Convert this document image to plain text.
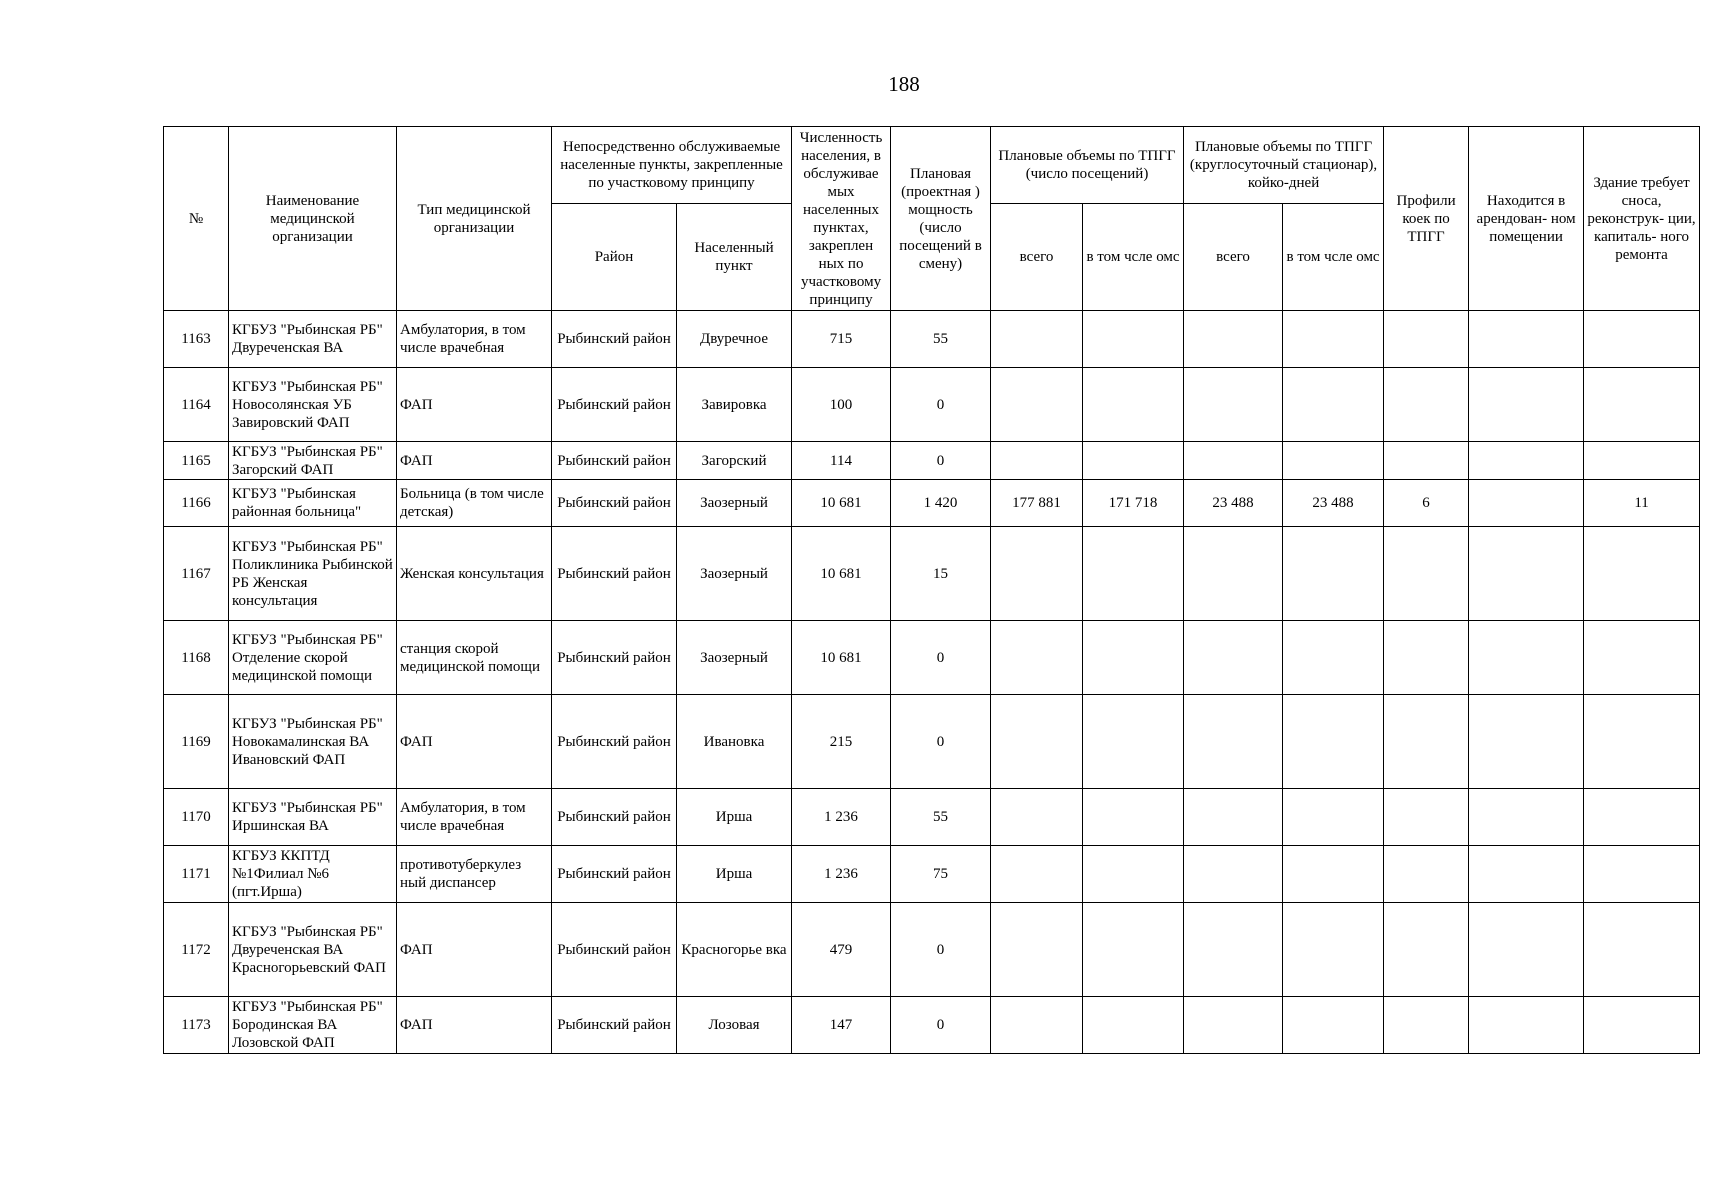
188
№	Наименование медицинской организации	Тип медицинской организации	Непосредственно обслуживаемые населенные пункты, закрепленные по участковому принципу		Численность населения, в обслуживае мых населенных пунктах, закреплен ных по участковому принципу	Плановая (проектная ) мощность (число посещений в смену)	Плановые объемы по ТПГГ (число посещений)		Плановые объемы по ТПГГ (круглосуточный стационар), койко-дней		Профили коек по ТПГГ	Находится в арендован- ном помещении	Здание требует сноса, реконструк- ции, капиталь- ного ремонта
			Район	Населенный пункт			всего	в том чсле омс	всего	в том чсле омс			
1163	КГБУЗ "Рыбинская РБ" Двуреченская ВА	Амбулатория, в том числе врачебная	Рыбинский район	Двуречное	715	55							
1164	КГБУЗ "Рыбинская РБ" Новосолянская УБ Завировский ФАП	ФАП	Рыбинский район	Завировка	100	0							
1165	КГБУЗ "Рыбинская РБ" Загорский ФАП	ФАП	Рыбинский район	Загорский	114	0							
1166	КГБУЗ "Рыбинская районная больница"	Больница (в том числе детская)	Рыбинский район	Заозерный	10 681	1 420	177 881	171 718	23 488	23 488	6		11
1167	КГБУЗ "Рыбинская РБ" Поликлиника Рыбинской РБ Женская консультация	Женская консультация	Рыбинский район	Заозерный	10 681	15							
1168	КГБУЗ "Рыбинская РБ" Отделение скорой медицинской помощи	станция скорой медицинской помощи	Рыбинский район	Заозерный	10 681	0							
1169	КГБУЗ "Рыбинская РБ" Новокамалинская ВА Ивановский ФАП	ФАП	Рыбинский район	Ивановка	215	0							
1170	КГБУЗ "Рыбинская РБ" Иршинская ВА	Амбулатория, в том числе врачебная	Рыбинский район	Ирша	1 236	55							
1171	КГБУЗ ККПТД №1Филиал №6 (пгт.Ирша)	противотуберкулез ный диспансер	Рыбинский район	Ирша	1 236	75							
1172	КГБУЗ "Рыбинская РБ" Двуреченская ВА Красногорьевский ФАП	ФАП	Рыбинский район	Красногорье вка	479	0							
1173	КГБУЗ "Рыбинская РБ" Бородинская ВА Лозовской ФАП	ФАП	Рыбинский район	Лозовая	147	0							
